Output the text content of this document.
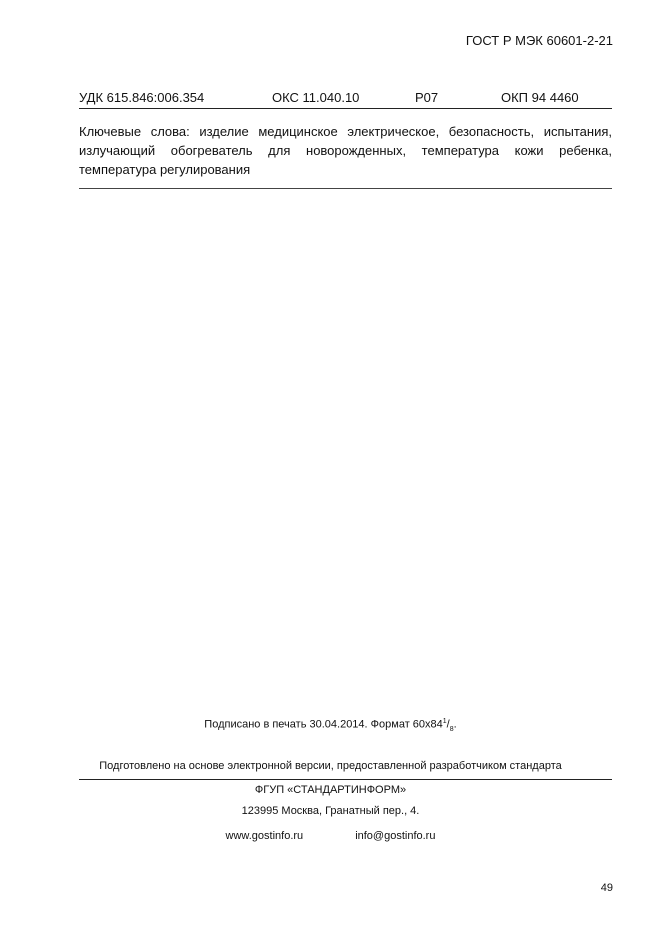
ГОСТ Р МЭК 60601-2-21
УДК 615.846:006.354	ОКС 11.040.10	Р07	ОКП 94 4460
Ключевые слова: изделие медицинское электрическое, безопасность, испытания,
излучающий обогреватель для новорожденных, температура кожи ребенка,
температура регулирования
Подписано в печать 30.04.2014. Формат $60х84^1/_8$.
Подготовлено на основе электронной версии, предоставленной разработчиком стандарта
ФГУП «СТАНДАРТИНФОРМ»
123995 Москва, Гранатный пер., 4.
www.gostinfo.ru	info@gostinfo.ru
49
